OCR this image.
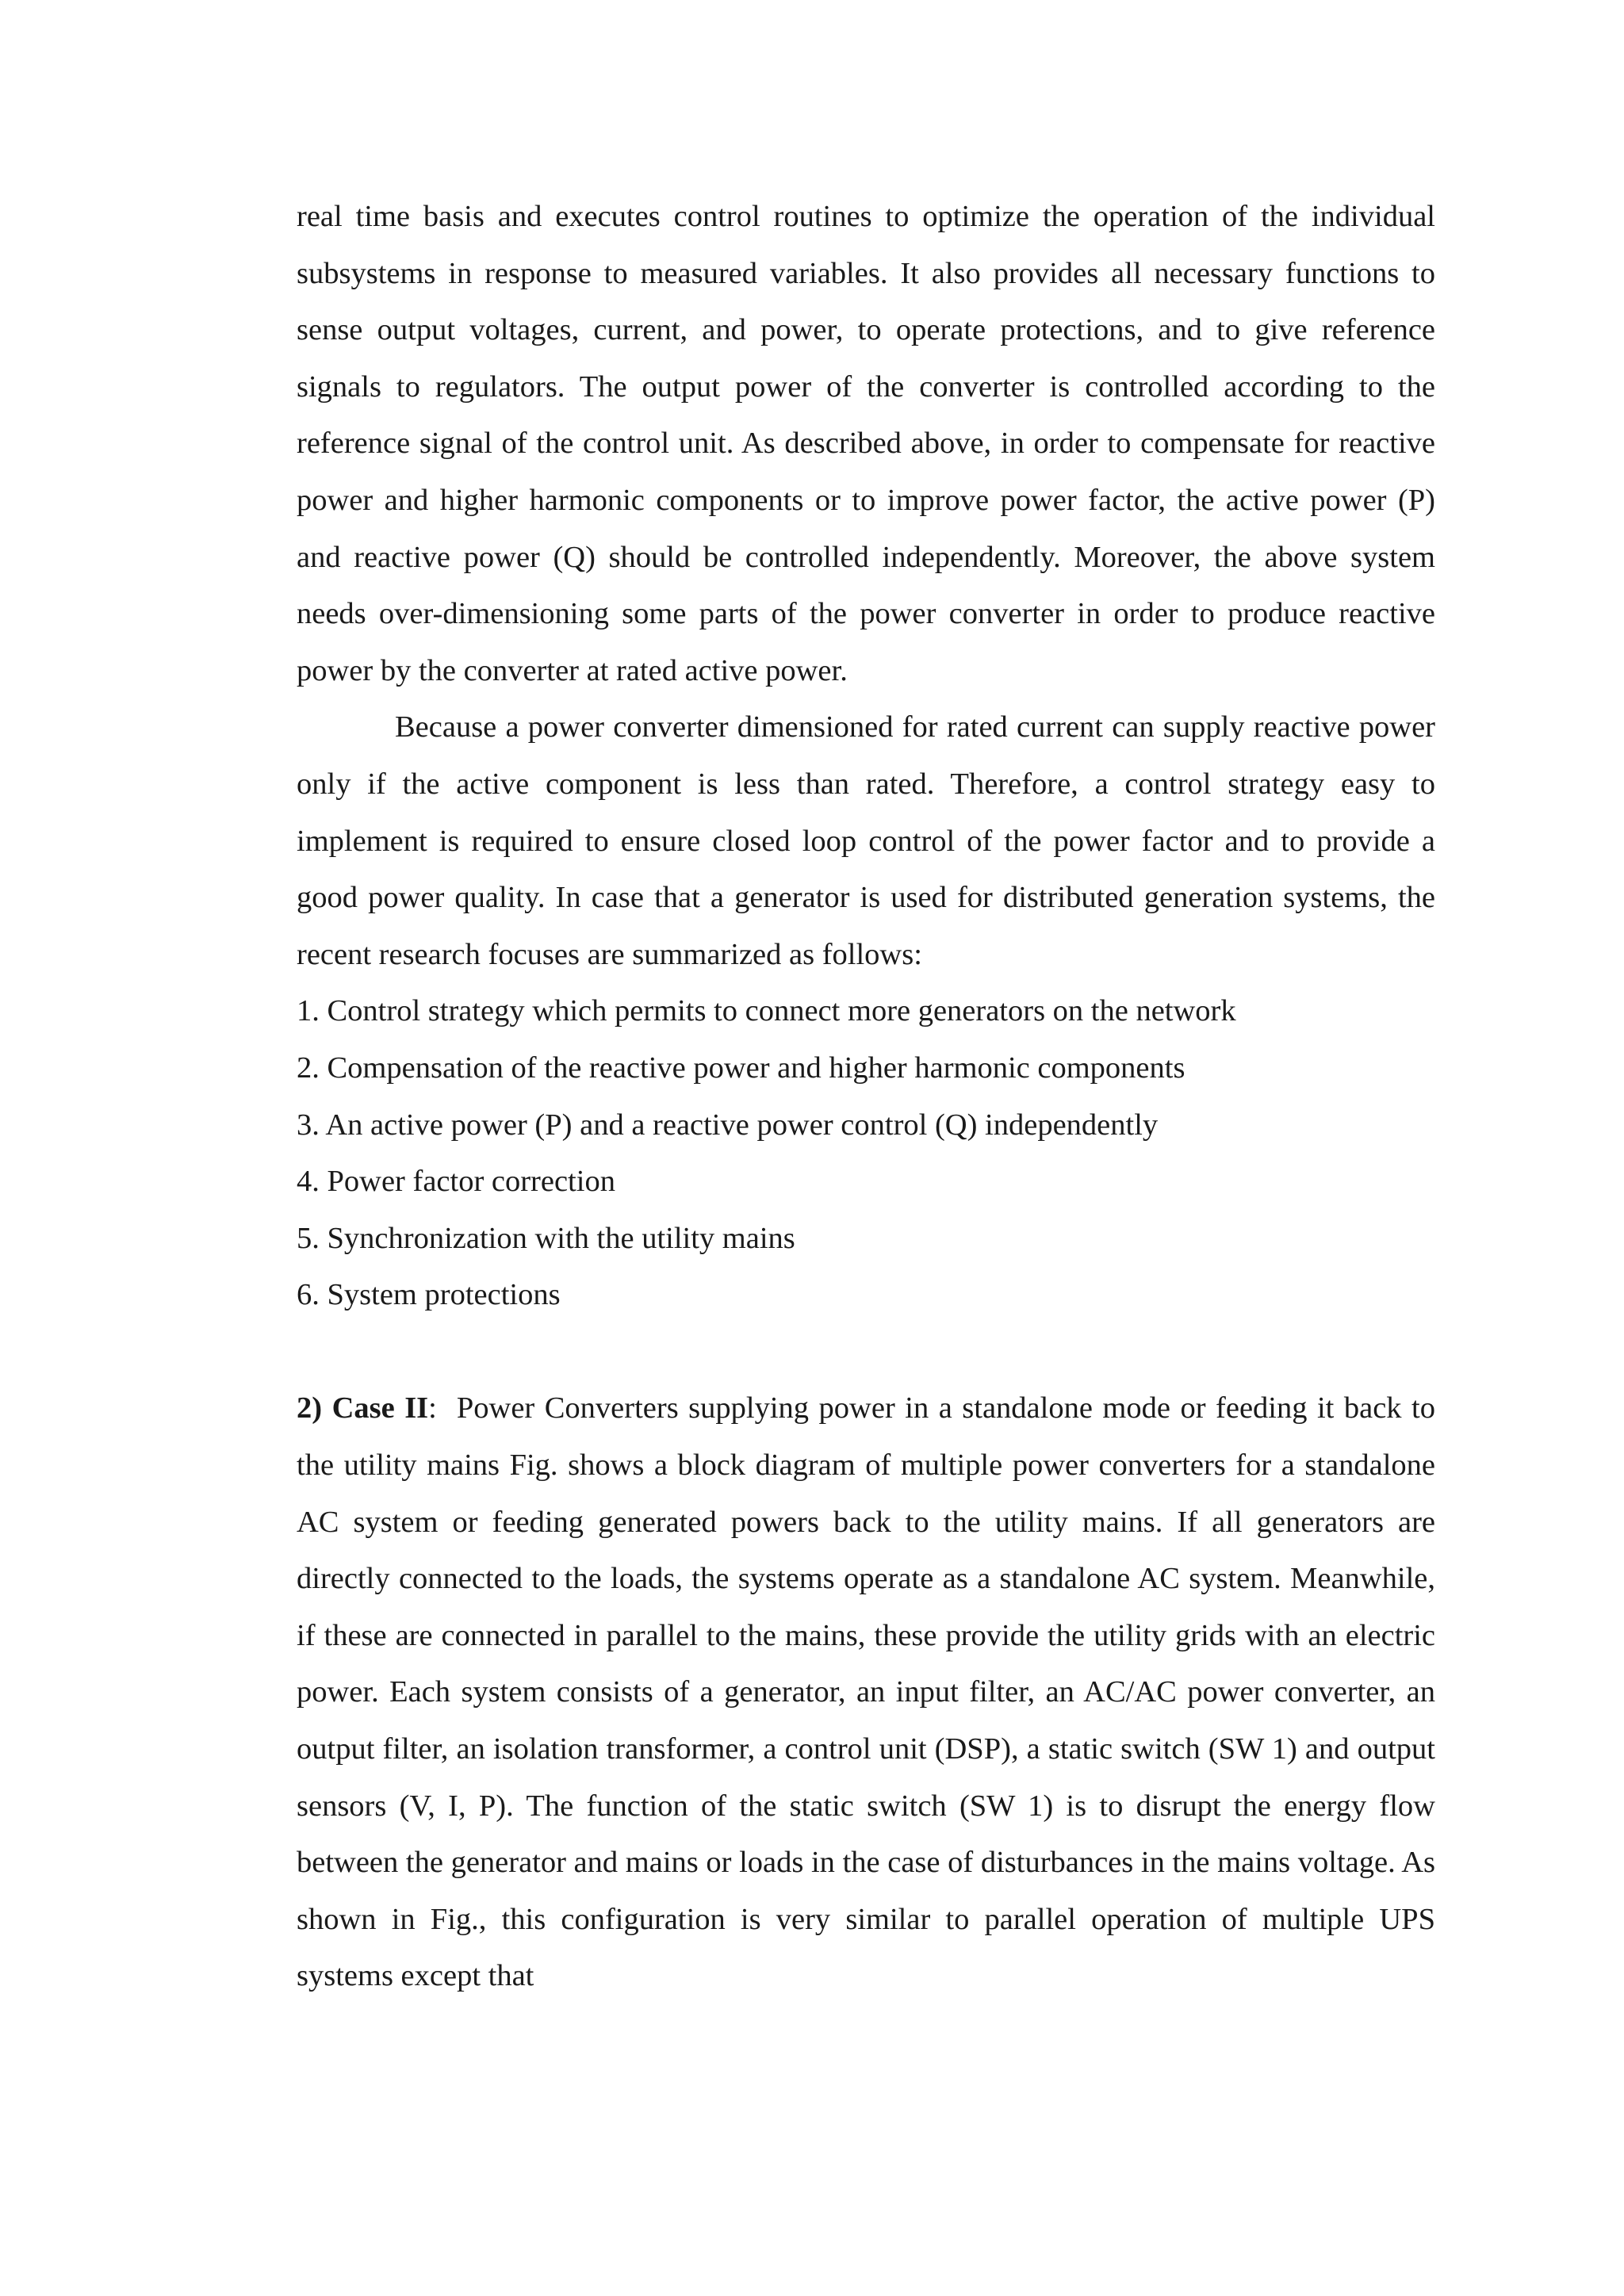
real time basis and executes control routines to optimize the operation of the individual subsystems in response to measured variables. It also provides all necessary functions to sense output voltages, current, and power, to operate protections, and to give reference signals to regulators. The output power of the converter is controlled according to the reference signal of the control unit. As described above, in order to compensate for reactive power and higher harmonic components or to improve power factor, the active power (P) and reactive power (Q) should be controlled independently. Moreover, the above system needs over-dimensioning some parts of the power converter in order to produce reactive power by the converter at rated active power.

Because a power converter dimensioned for rated current can supply reactive power only if the active component is less than rated. Therefore, a control strategy easy to implement is required to ensure closed loop control of the power factor and to provide a good power quality. In case that a generator is used for distributed generation systems, the recent research focuses are summarized as follows:

1. Control strategy which permits to connect more generators on the network
2. Compensation of the reactive power and higher harmonic components
3. An active power (P) and a reactive power control (Q) independently
4. Power factor correction
5. Synchronization with the utility mains
6. System protections

2) Case II: Power Converters supplying power in a standalone mode or feeding it back to the utility mains Fig. shows a block diagram of multiple power converters for a standalone AC system or feeding generated powers back to the utility mains. If all generators are directly connected to the loads, the systems operate as a standalone AC system. Meanwhile, if these are connected in parallel to the mains, these provide the utility grids with an electric power. Each system consists of a generator, an input filter, an AC/AC power converter, an output filter, an isolation transformer, a control unit (DSP), a static switch (SW 1) and output sensors (V, I, P). The function of the static switch (SW 1) is to disrupt the energy flow between the generator and mains or loads in the case of disturbances in the mains voltage. As shown in Fig., this configuration is very similar to parallel operation of multiple UPS systems except that
